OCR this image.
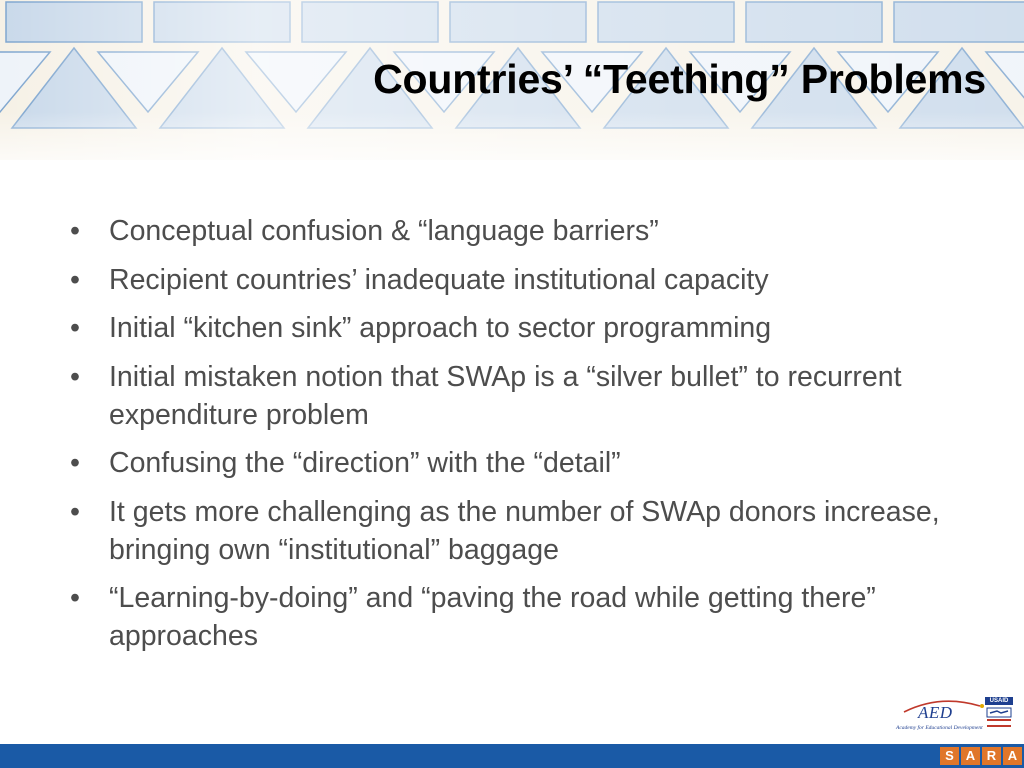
Countries’ “Teething” Problems
• Conceptual confusion & “language barriers”
• Recipient countries’ inadequate institutional capacity
• Initial “kitchen sink” approach to sector programming
• Initial mistaken notion that SWAp is a “silver bullet” to recurrent expenditure problem
• Confusing the “direction” with the “detail”
• It gets more challenging as the number of SWAp donors increase, bringing own “institutional” baggage
• “Learning-by-doing” and “paving the road while getting there” approaches
AED
Academy for Educational Development
USAID
S A R A
